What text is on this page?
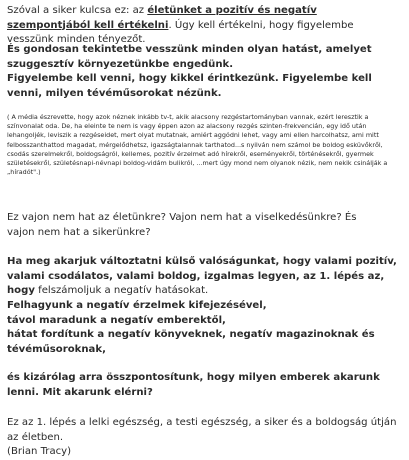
Szóval a siker kulcsa ez: az életünket a pozitív és negatív szempontjából kell értékelni. Úgy kell értékelni, hogy figyelembe vesszünk minden tényezőt.

És gondosan tekintetbe vesszünk minden olyan hatást, amelyet szuggesztív környezetünkbe engedünk.

Figyelembe kell venni, hogy kikkel érintkezünk. Figyelembe kell venni, milyen tévéműsorokat nézünk.

( A média észrevette, hogy azok néznek inkább tv-t, akik alacsony rezgéstartományban vannak, ezért leresztik a színvonalat oda. De, ha eleinte te nem is vagy éppen azon az alacsony rezgés szinten-frekvencián, egy idő után lehangoljék, leviszik a rezgéseidet, mert olyat mutatnak, amiért aggódni lehet, vagy ami ellen harcolhatsz, ami mitt felbosszanthattod magadat, mérgelődhetsz, igazságtalannak tarthatod...s nyilván nem számol be boldog esküvőkről, csodás szerelmekről, boldogságról, kellemes, pozitív érzelmet adó hírekről, eseményekről, történésekről, gyermek születésekről, születésnapi-névnapi boldog-vidám bulikról, ...mert úgy mond nem olyanok nézik, nem nekik csinálják a „híradót".)

Ez vajon nem hat az életünkre? Vajon nem hat a viselkedésünkre? És vajon nem hat a sikerünkre?

Ha meg akarjuk változtatni külső valóságunkat, hogy valami pozitív, valami csodálatos, valami boldog, izgalmas legyen, az 1. lépés az, hogy felszámoljuk a negatív hatásokat.

Felhagyunk a negatív érzelmek kifejezésével,
távol maradunk a negatív emberektől,
hátat fordítunk a negatív könyveknek, negatív magazinoknak és tévéműsoroknak,

és kizárólag arra összpontosítunk, hogy milyen emberek akarunk lenni. Mit akarunk elérni?

Ez az 1. lépés a lelki egészség, a testi egészség, a siker és a boldogság útján az életben.
(Brian Tracy)
